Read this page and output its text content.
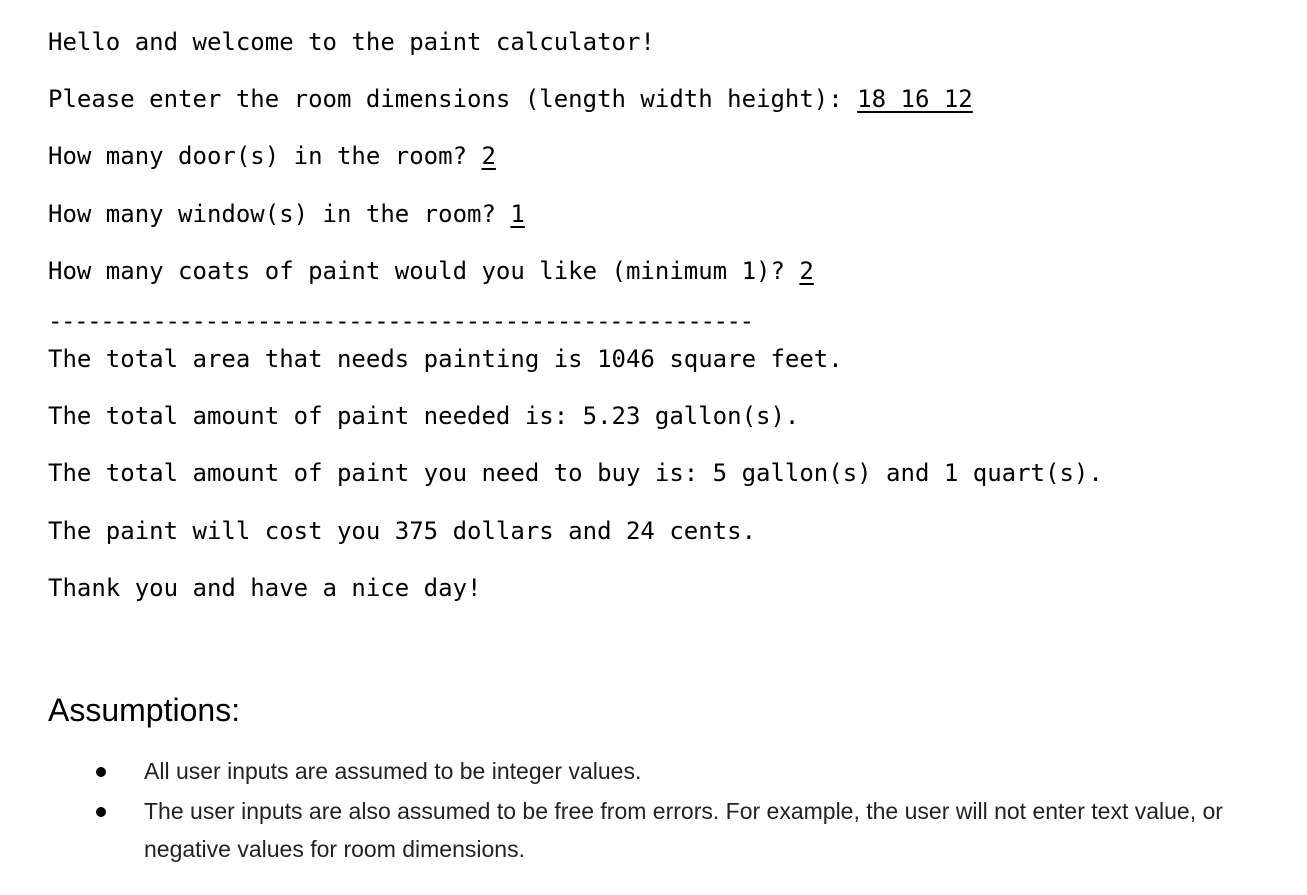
Hello and welcome to the paint calculator!
Please enter the room dimensions (length width height): 18 16 12
How many door(s) in the room? 2
How many window(s) in the room? 1
How many coats of paint would you like (minimum 1)? 2
------------------------------------------------------
The total area that needs painting is 1046 square feet.
The total amount of paint needed is: 5.23 gallon(s).
The total amount of paint you need to buy is: 5 gallon(s) and 1 quart(s).
The paint will cost you 375 dollars and 24 cents.
Thank you and have a nice day!
Assumptions:
All user inputs are assumed to be integer values.
The user inputs are also assumed to be free from errors. For example, the user will not enter text value, or negative values for room dimensions.
